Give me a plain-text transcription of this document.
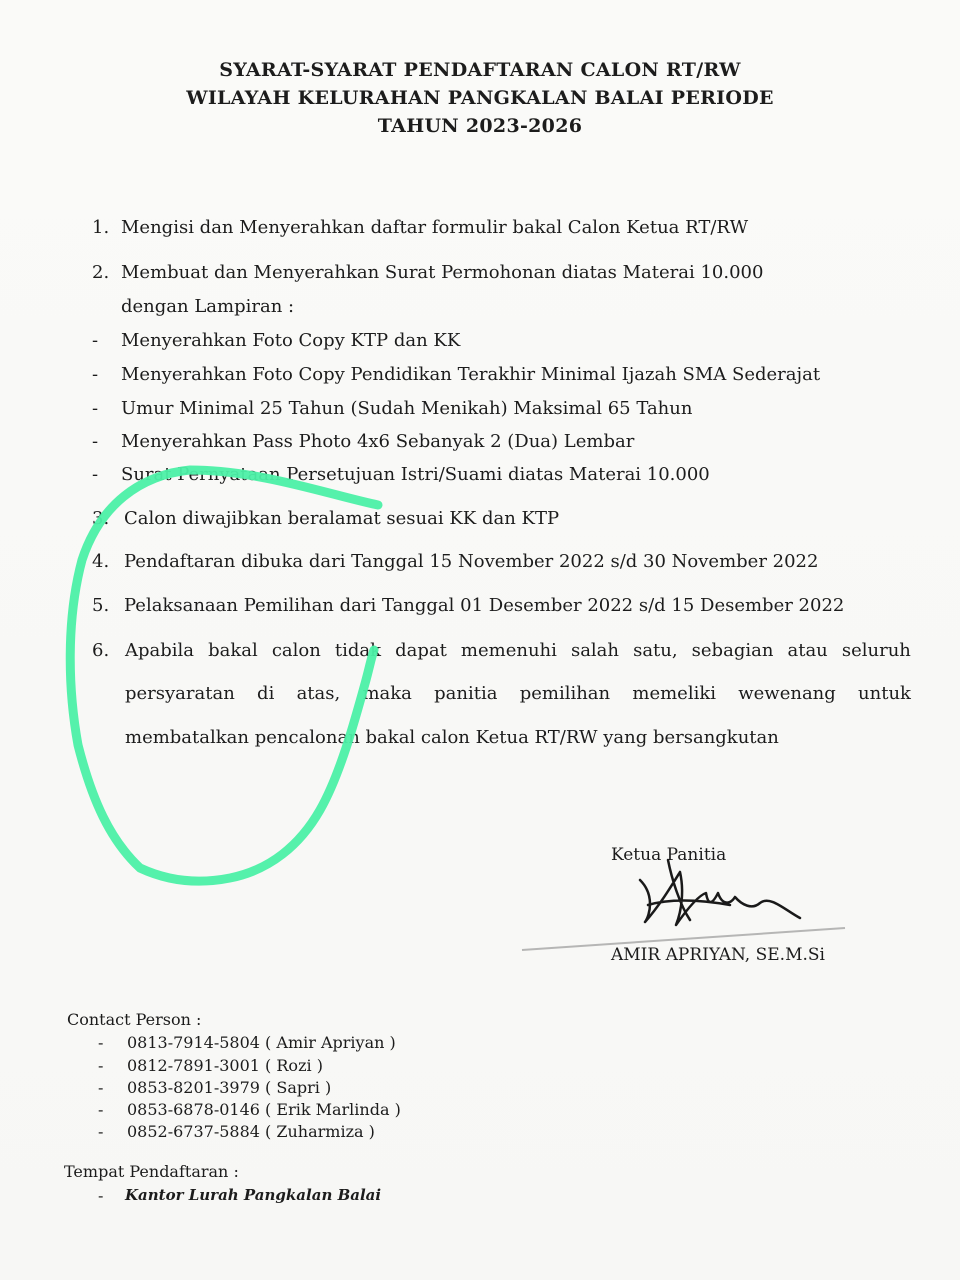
SYARAT-SYARAT PENDAFTARAN CALON RT/RW
WILAYAH KELURAHAN PANGKALAN BALAI PERIODE
TAHUN 2023-2026
1. Mengisi dan Menyerahkan daftar formulir bakal Calon Ketua RT/RW
2. Membuat dan Menyerahkan Surat Permohonan diatas Materai 10.000
dengan Lampiran :
- Menyerahkan Foto Copy KTP dan KK
- Menyerahkan Foto Copy Pendidikan Terakhir Minimal Ijazah SMA Sederajat
- Umur Minimal 25 Tahun (Sudah Menikah) Maksimal 65 Tahun
- Menyerahkan Pass Photo 4x6 Sebanyak 2 (Dua) Lembar
- Surat Pernyataan Persetujuan Istri/Suami diatas Materai 10.000
3. Calon diwajibkan beralamat sesuai KK dan KTP
4. Pendaftaran dibuka dari Tanggal 15 November 2022 s/d 30 November 2022
5. Pelaksanaan Pemilihan dari Tanggal 01 Desember 2022 s/d 15 Desember 2022
6. Apabila bakal calon tidak dapat memenuhi salah satu, sebagian atau seluruh
persyaratan di atas, maka panitia pemilihan memeliki wewenang untuk
membatalkan pencalonan bakal calon Ketua RT/RW yang bersangkutan
Ketua Panitia
AMIR APRIYAN, SE.M.Si
Contact Person :
- 0813-7914-5804 ( Amir Apriyan )
- 0812-7891-3001 ( Rozi )
- 0853-8201-3979 ( Sapri )
- 0853-6878-0146 ( Erik Marlinda )
- 0852-6737-5884 ( Zuharmiza )
Tempat Pendaftaran :
- Kantor Lurah Pangkalan Balai
